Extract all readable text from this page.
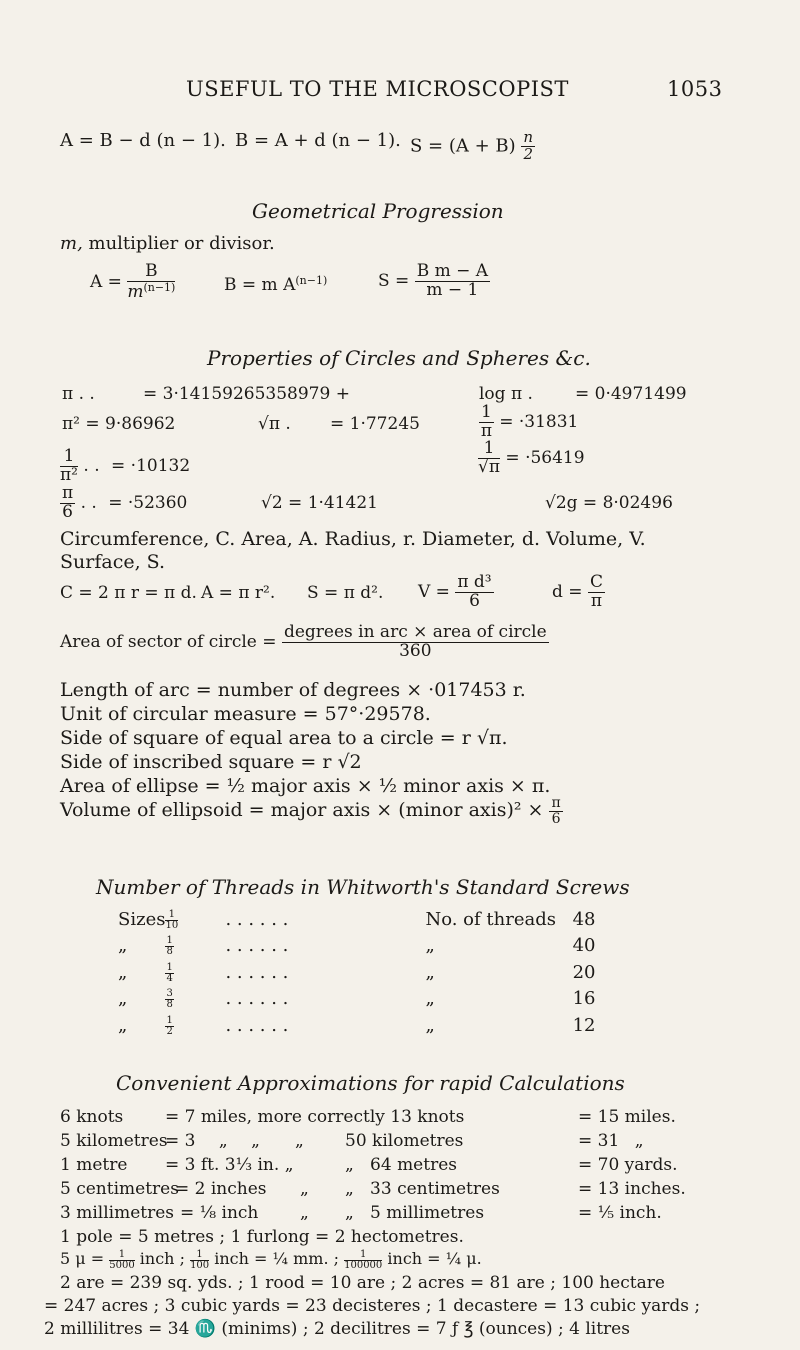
USEFUL TO THE MICROSCOPIST	1053
A = B − d (n − 1). B = A + d (n − 1). $S = (A + B) \frac{n}{2}$
Geometrical Progression
m, multiplier or divisor.
$A = \frac{B}{m^{(n-1)}}$	B = m $A^{(n-1)}$	$S = \frac{\text{B m − A}}{m - 1}$
Properties of Circles and Spheres &c.
π . .	= 3·14159265358979 +	log π . = 0·4971499
π² = 9·86962	√π . = 1·77245	$\frac{1}{\pi} = \cdot 31831$
$\frac{1}{\text{π²}}$ . . = ·10132	$\frac{1}{√\pi} = \cdot 56419$
$\frac{\pi}{6}$ . . = ·52360	√2 = 1·41421	√2g = 8·02496
Circumference, C. Area, A. Radius, r. Diameter, d. Volume, V.
Surface, S.
C = 2 π r = π d. A = π r². S = π d². $V = \frac{\text{π d³}}{6}$	$d = \frac{C}{\pi}$
Area of sector of circle = $\frac{\text{degrees in arc × area of circle}}{360}$
Length of arc = number of degrees × ·017453 r.
Unit of circular measure = 57°·29578.
Side of square of equal area to a circle = r √π.
Side of inscribed square = r √2
Area of ellipse = ½ major axis × ½ minor axis × π.
Volume of ellipsoid = major axis × (minor axis)² × $\frac{\pi}{6}$
Number of Threads in Whitworth's Standard Screws
Sizes	$\frac{1}{10}$	. . . . . .	No. of threads	48
„	$\frac{1}{8}$	. . . . . .	„	40
„	$\frac{1}{4}$	. . . . . .	„	20
„	$\frac{3}{8}$	. . . . . .	„	16
„	$\frac{1}{2}$	. . . . . .	„	12
Convenient Approximations for rapid Calculations
6 knots = 7 miles, more correctly 13 knots	= 15 miles.
5 kilometres= 3 „ „ „ 50 kilometres	= 31 „
1 metre = 3 ft. 3⅓ in. „	„ 64 metres	= 70 yards.
5 centimetres= 2 inches „ „ 33 centimetres	= 13 inches.
3 millimetres = ⅛ inch „ „ 5 millimetres	= ⅕ inch.
1 pole = 5 metres ; 1 furlong = 2 hectometres.
5 $\mu = \frac{1}{5000}$ inch ; $\frac{1}{100}$ inch = ¼ mm. ; $\frac{1}{100000}$ inch = ¼ μ.
2 are = 239 sq. yds. ; 1 rood = 10 are ; 2 acres = 81 are ; 100 hectare
= 247 acres ; 3 cubic yards = 23 decisteres ; 1 decastere = 13 cubic yards ;
2 millilitres = 34 ♏ (minims) ; 2 decilitres = 7 ƒ ℥ (ounces) ; 4 litres
